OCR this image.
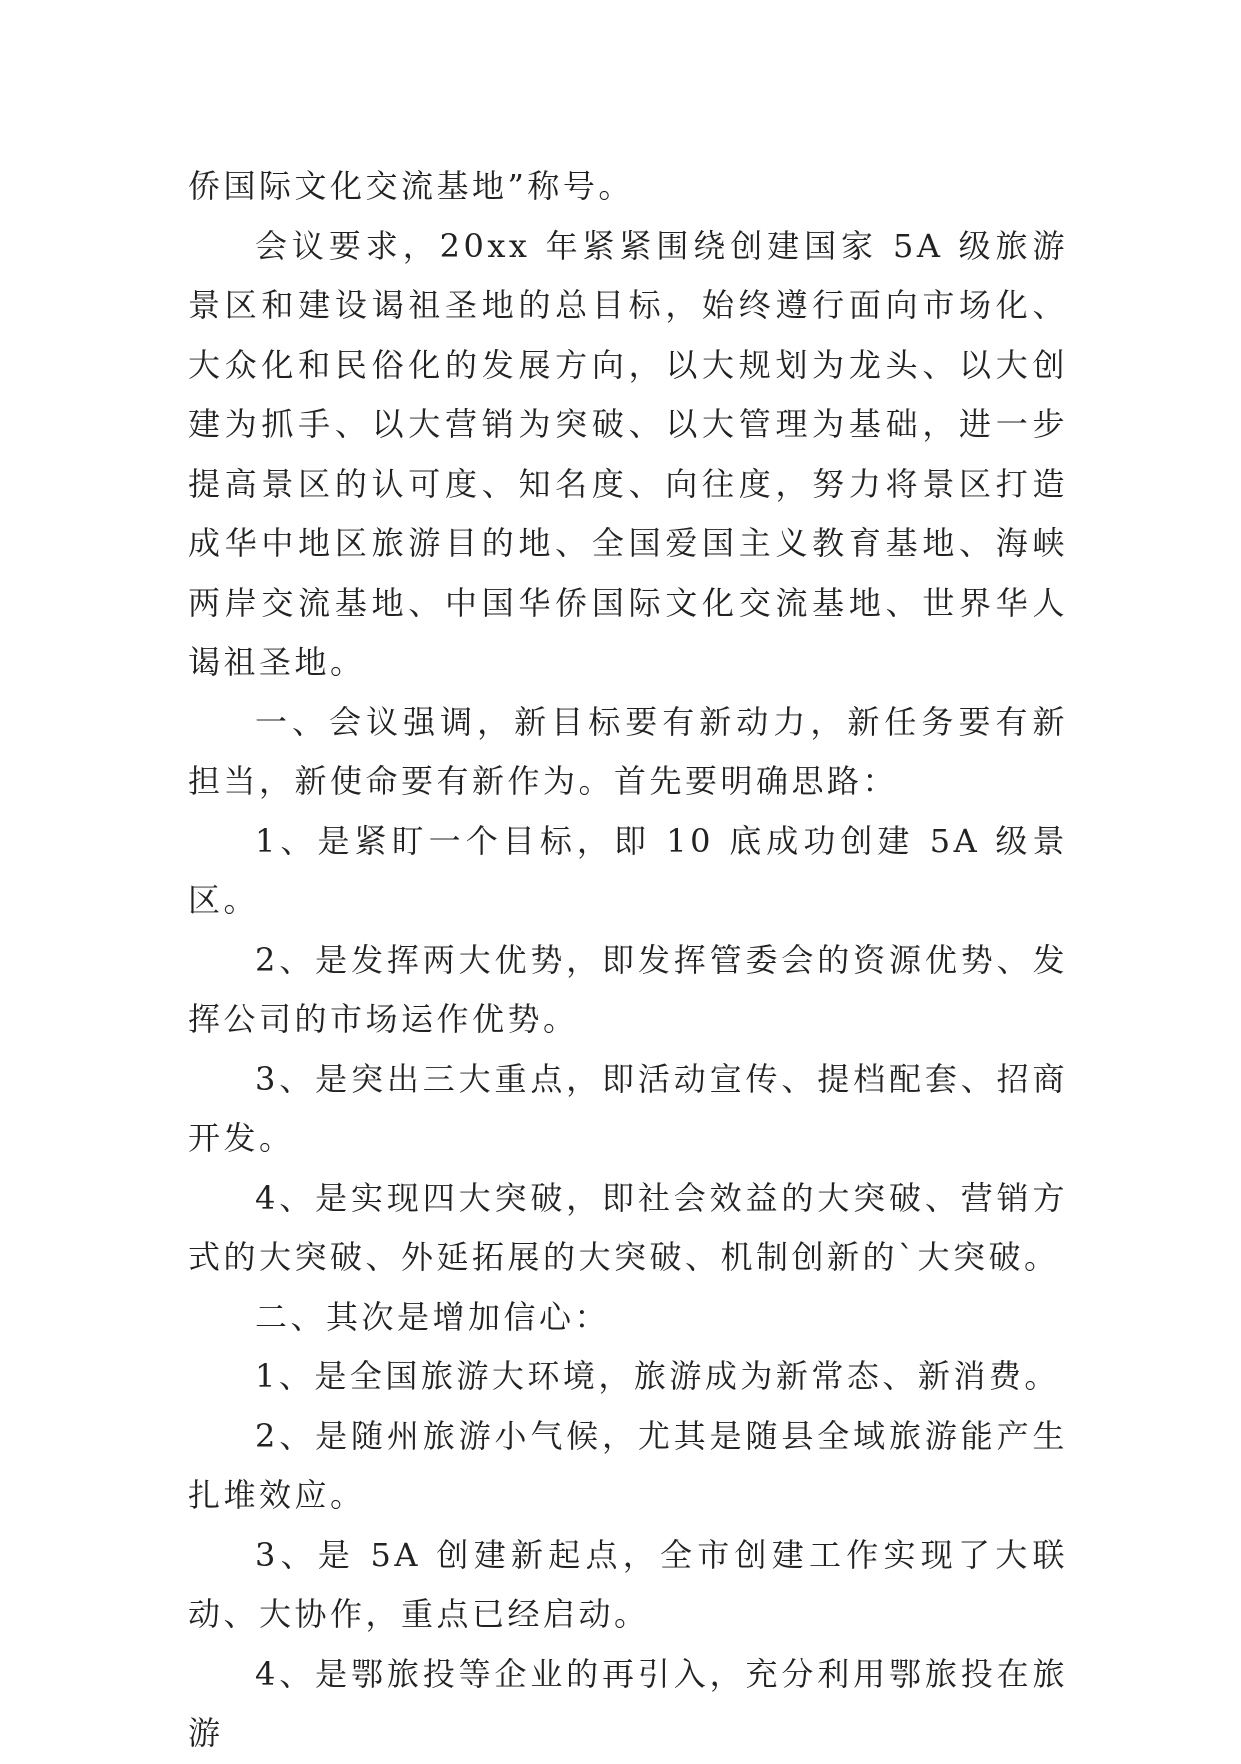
侨国际文化交流基地”称号。

会议要求，20xx 年紧紧围绕创建国家 5A 级旅游景区和建设谒祖圣地的总目标，始终遵行面向市场化、大众化和民俗化的发展方向，以大规划为龙头、以大创建为抓手、以大营销为突破、以大管理为基础，进一步提高景区的认可度、知名度、向往度，努力将景区打造成华中地区旅游目的地、全国爱国主义教育基地、海峡两岸交流基地、中国华侨国际文化交流基地、世界华人谒祖圣地。

一、会议强调，新目标要有新动力，新任务要有新担当，新使命要有新作为。首先要明确思路：

1、是紧盯一个目标，即 10 底成功创建 5A 级景区。

2、是发挥两大优势，即发挥管委会的资源优势、发挥公司的市场运作优势。

3、是突出三大重点，即活动宣传、提档配套、招商开发。

4、是实现四大突破，即社会效益的大突破、营销方式的大突破、外延拓展的大突破、机制创新的`大突破。

二、其次是增加信心：

1、是全国旅游大环境，旅游成为新常态、新消费。

2、是随州旅游小气候，尤其是随县全域旅游能产生扎堆效应。

3、是 5A 创建新起点，全市创建工作实现了大联动、大协作，重点已经启动。

4、是鄂旅投等企业的再引入，充分利用鄂旅投在旅游
